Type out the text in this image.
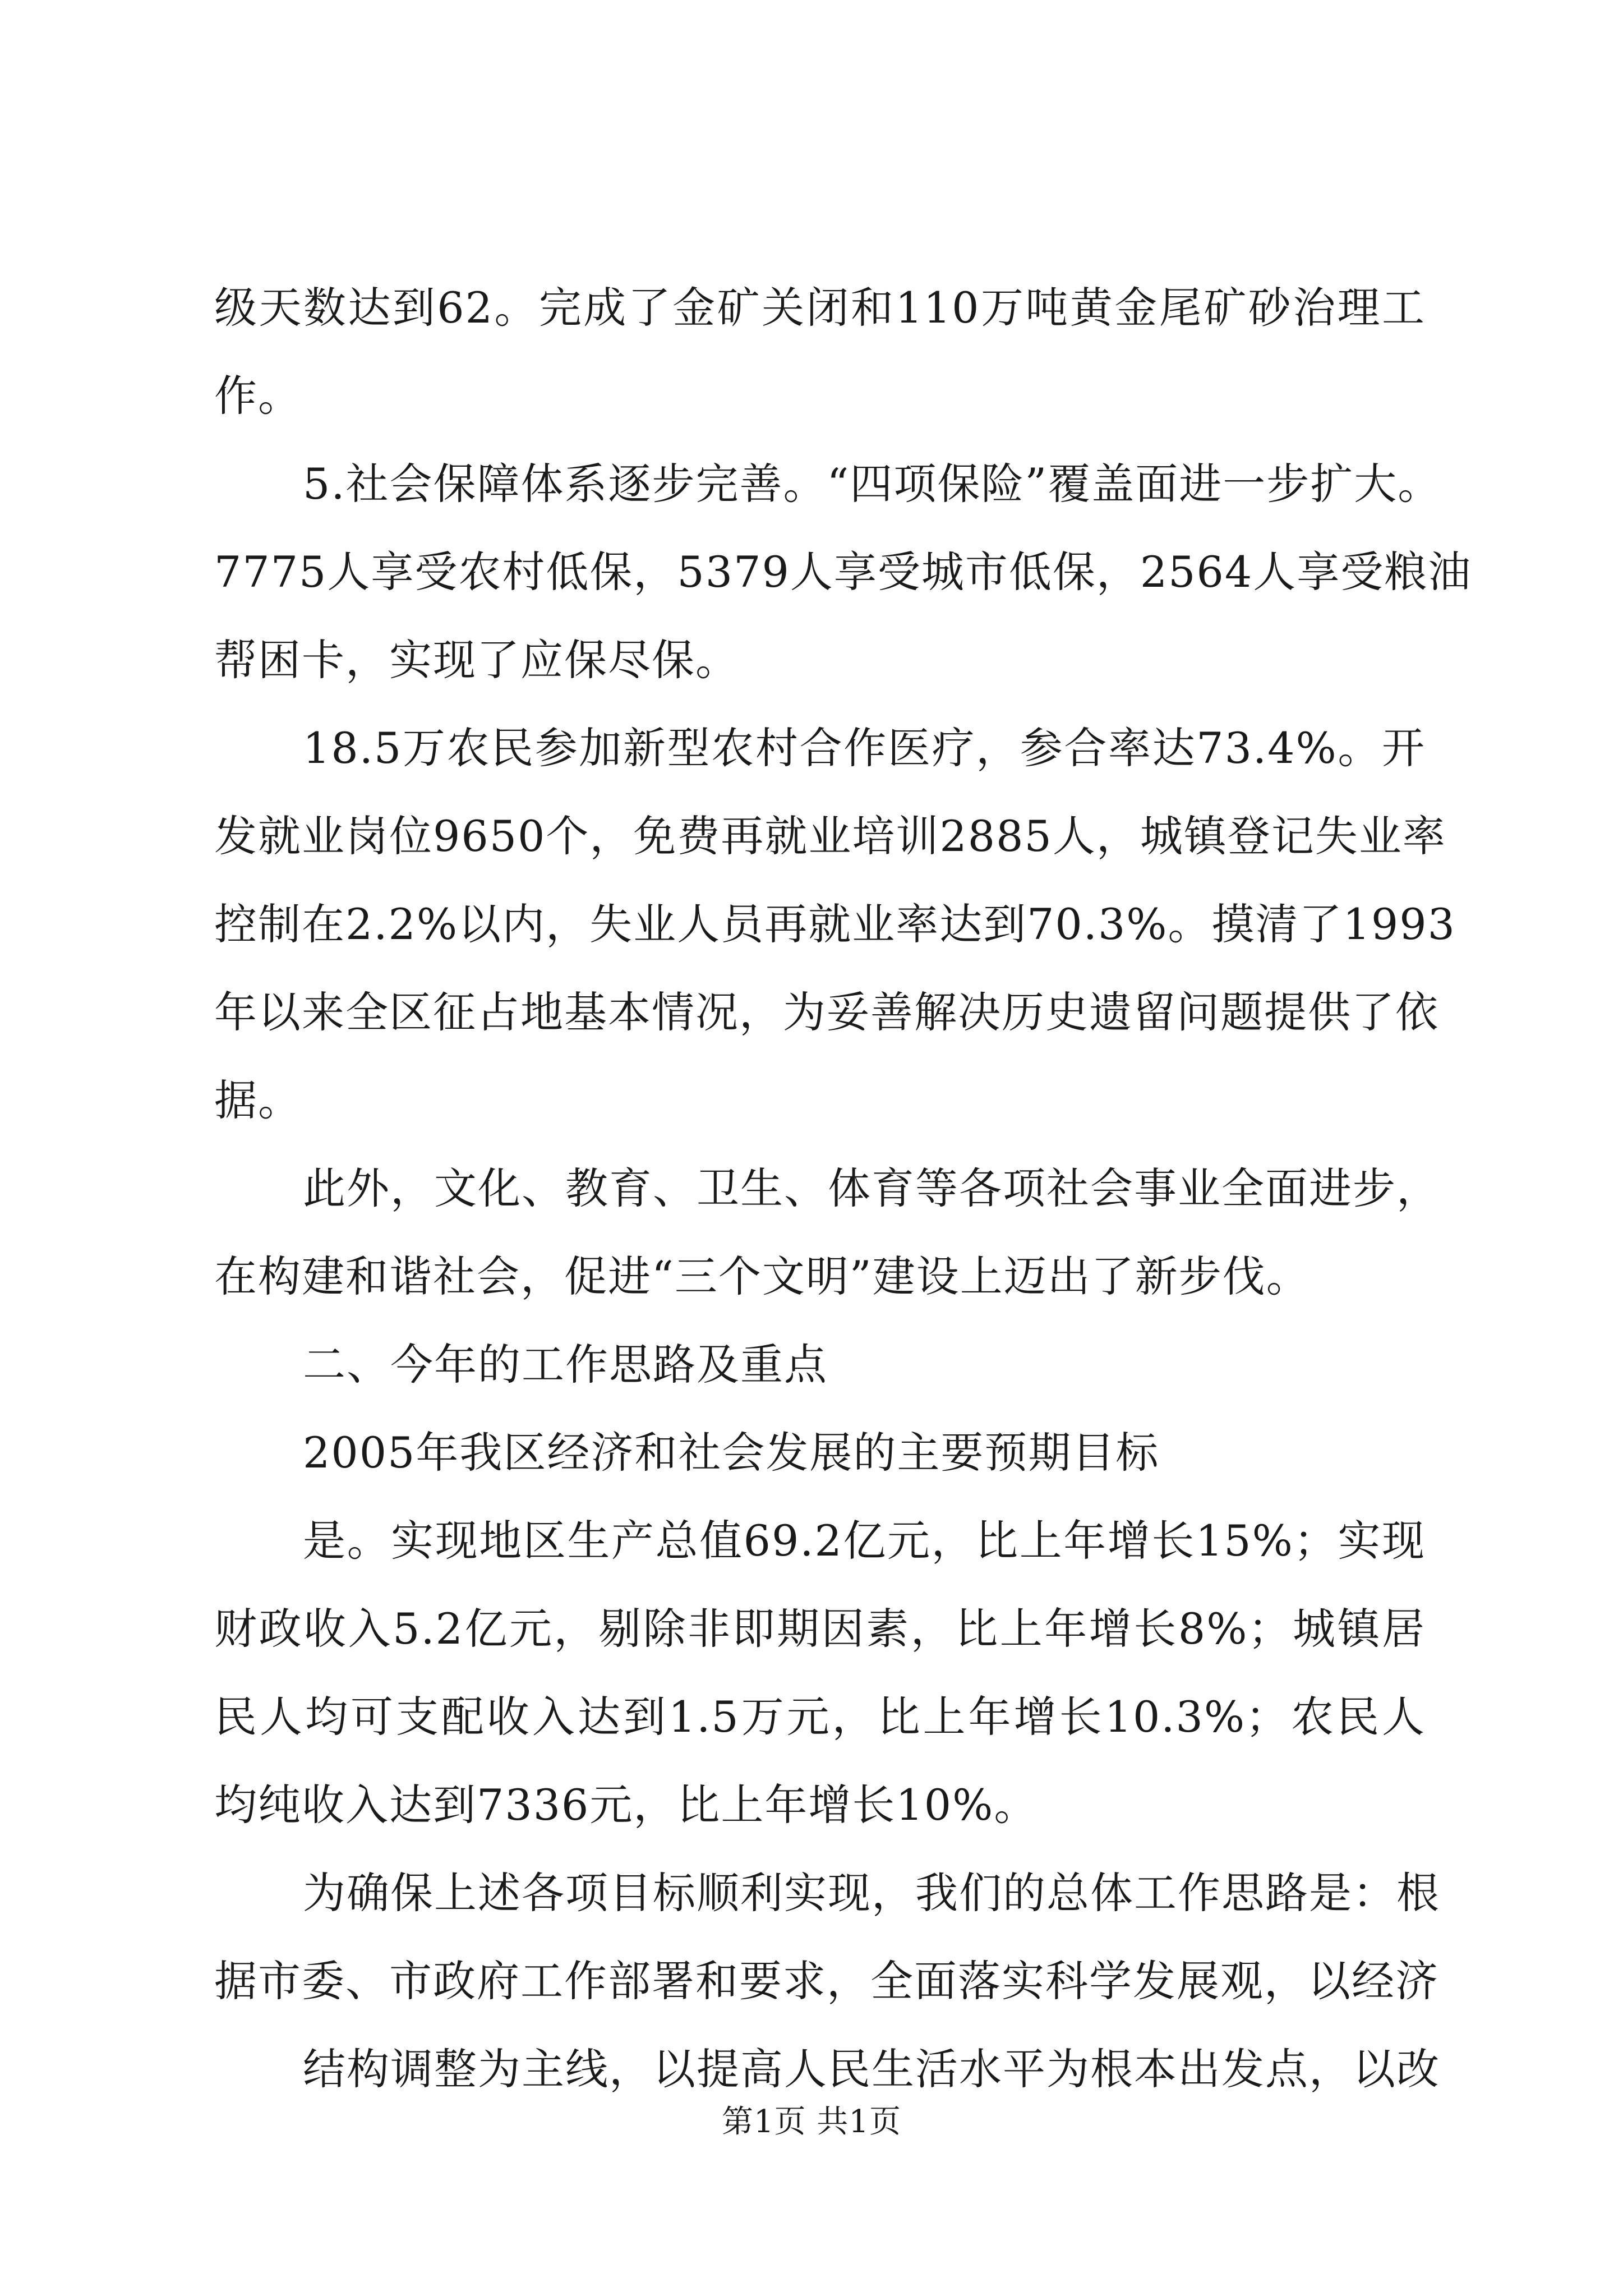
级天数达到62。完成了金矿关闭和110万吨黄金尾矿砂治理工
作。
5.社会保障体系逐步完善。“四项保险”覆盖面进一步扩大。
7775人享受农村低保，5379人享受城市低保，2564人享受粮油
帮困卡，实现了应保尽保。
18.5万农民参加新型农村合作医疗，参合率达73.4%。开
发就业岗位9650个，免费再就业培训2885人，城镇登记失业率
控制在2.2%以内，失业人员再就业率达到70.3%。摸清了1993
年以来全区征占地基本情况，为妥善解决历史遗留问题提供了依
据。
此外，文化、教育、卫生、体育等各项社会事业全面进步，
在构建和谐社会，促进“三个文明”建设上迈出了新步伐。
二、今年的工作思路及重点
2005年我区经济和社会发展的主要预期目标
是。实现地区生产总值69.2亿元，比上年增长15%；实现
财政收入5.2亿元，剔除非即期因素，比上年增长8%；城镇居
民人均可支配收入达到1.5万元，比上年增长10.3%；农民人
均纯收入达到7336元，比上年增长10%。
为确保上述各项目标顺利实现，我们的总体工作思路是：根
据市委、市政府工作部署和要求，全面落实科学发展观，以经济
结构调整为主线，以提高人民生活水平为根本出发点，以改
第1页 共1页
